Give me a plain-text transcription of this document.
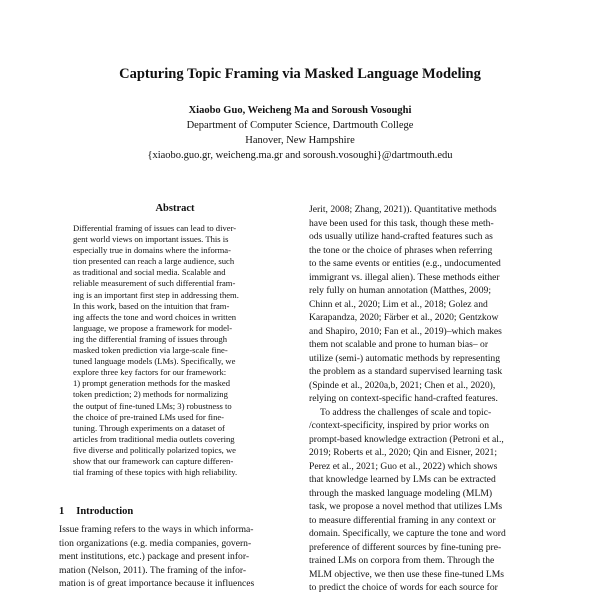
Capturing Topic Framing via Masked Language Modeling
Xiaobo Guo, Weicheng Ma and Soroush Vosoughi
Department of Computer Science, Dartmouth College
Hanover, New Hampshire
{xiaobo.guo.gr, weicheng.ma.gr and soroush.vosoughi}@dartmouth.edu
Abstract
Differential framing of issues can lead to diver-
gent world views on important issues. This is
especially true in domains where the informa-
tion presented can reach a large audience, such
as traditional and social media. Scalable and
reliable measurement of such differential fram-
ing is an important first step in addressing them.
In this work, based on the intuition that fram-
ing affects the tone and word choices in written
language, we propose a framework for model-
ing the differential framing of issues through
masked token prediction via large-scale fine-
tuned language models (LMs). Specifically, we
explore three key factors for our framework:
1) prompt generation methods for the masked
token prediction; 2) methods for normalizing
the output of fine-tuned LMs; 3) robustness to
the choice of pre-trained LMs used for fine-
tuning. Through experiments on a dataset of
articles from traditional media outlets covering
five diverse and politically polarized topics, we
show that our framework can capture differen-
tial framing of these topics with high reliability.
1 Introduction
Issue framing refers to the ways in which informa-
tion organizations (e.g. media companies, govern-
ment institutions, etc.) package and present infor-
mation (Nelson, 2011). The framing of the infor-
mation is of great importance because it influences
Jerit, 2008; Zhang, 2021)). Quantitative methods
have been used for this task, though these meth-
ods usually utilize hand-crafted features such as
the tone or the choice of phrases when referring
to the same events or entities (e.g., undocumented
immigrant vs. illegal alien). These methods either
rely fully on human annotation (Matthes, 2009;
Chinn et al., 2020; Lim et al., 2018; Golez and
Karapandza, 2020; Färber et al., 2020; Gentzkow
and Shapiro, 2010; Fan et al., 2019)–which makes
them not scalable and prone to human bias– or
utilize (semi-) automatic methods by representing
the problem as a standard supervised learning task
(Spinde et al., 2020a,b, 2021; Chen et al., 2020),
relying on context-specific hand-crafted features.
To address the challenges of scale and topic-
/context-specificity, inspired by prior works on
prompt-based knowledge extraction (Petroni et al.,
2019; Roberts et al., 2020; Qin and Eisner, 2021;
Perez et al., 2021; Guo et al., 2022) which shows
that knowledge learned by LMs can be extracted
through the masked language modeling (MLM)
task, we propose a novel method that utilizes LMs
to measure differential framing in any context or
domain. Specifically, we capture the tone and word
preference of different sources by fine-tuning pre-
trained LMs on corpora from them. Through the
MLM objective, we then use these fine-tuned LMs
to predict the choice of words for each source for
